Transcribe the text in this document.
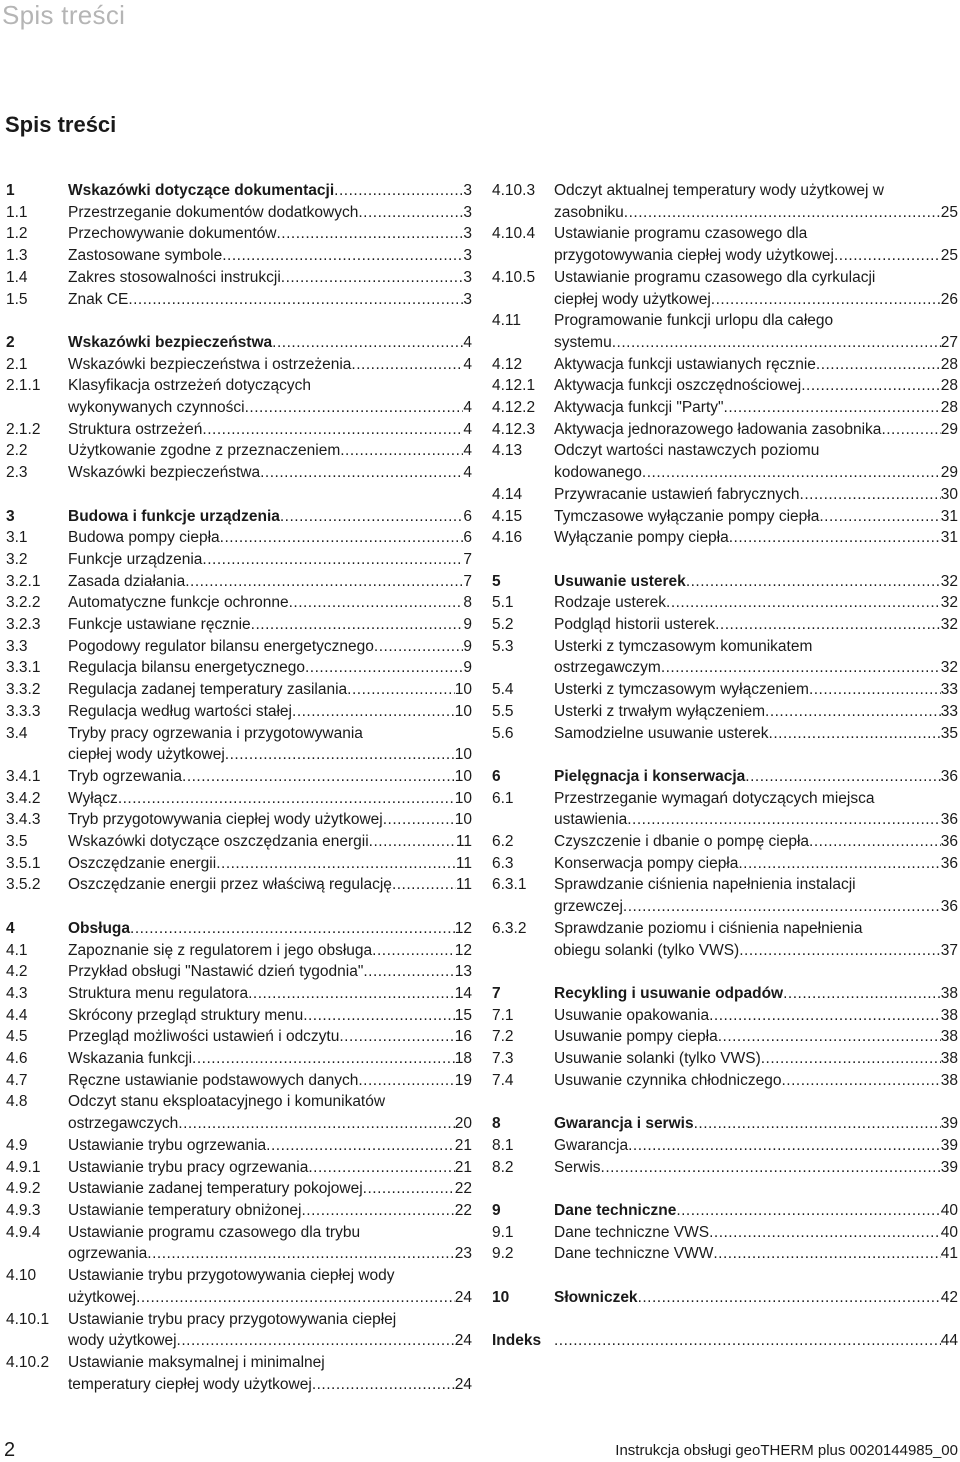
Spis treści
Spis treści
1	Wskazówki dotyczące dokumentacji .....	3
1.1	Przestrzeganie dokumentów dodatkowych .....	3
1.2	Przechowywanie dokumentów .....	3
1.3	Zastosowane symbole .....	3
1.4	Zakres stosowalności instrukcji .....	3
1.5	Znak CE .....	3
2	Wskazówki bezpieczeństwa .....	4
2.1	Wskazówki bezpieczeństwa i ostrzeżenia .....	4
2.1.1	Klasyfikacja ostrzeżeń dotyczących
wykonywanych czynności .....	4
2.1.2	Struktura ostrzeżeń .....	4
2.2	Użytkowanie zgodne z przeznaczeniem .....	4
2.3	Wskazówki bezpieczeństwa .....	4
3	Budowa i funkcje urządzenia .....	6
3.1	Budowa pompy ciepła .....	6
3.2	Funkcje urządzenia .....	7
3.2.1	Zasada działania .....	7
3.2.2	Automatyczne funkcje ochronne .....	8
3.2.3	Funkcje ustawiane ręcznie .....	9
3.3	Pogodowy regulator bilansu energetycznego .....	9
3.3.1	Regulacja bilansu energetycznego .....	9
3.3.2	Regulacja zadanej temperatury zasilania .....	10
3.3.3	Regulacja według wartości stałej .....	10
3.4	Tryby pracy ogrzewania i przygotowywania
ciepłej wody użytkowej .....	10
3.4.1	Tryb ogrzewania .....	10
3.4.2	Wyłącz .....	10
3.4.3	Tryb przygotowywania ciepłej wody użytkowej .....	10
3.5	Wskazówki dotyczące oszczędzania energii .....	11
3.5.1	Oszczędzanie energii .....	11
3.5.2	Oszczędzanie energii przez właściwą regulację .....	11
4	Obsługa .....	12
4.1	Zapoznanie się z regulatorem i jego obsługa .....	12
4.2	Przykład obsługi "Nastawić dzień tygodnia" .....	13
4.3	Struktura menu regulatora .....	14
4.4	Skrócony przegląd struktury menu .....	15
4.5	Przegląd możliwości ustawień i odczytu .....	16
4.6	Wskazania funkcji .....	18
4.7	Ręczne ustawianie podstawowych danych .....	19
4.8	Odczyt stanu eksploatacyjnego i komunikatów
ostrzegawczych .....	20
4.9	Ustawianie trybu ogrzewania .....	21
4.9.1	Ustawianie trybu pracy ogrzewania .....	21
4.9.2	Ustawianie zadanej temperatury pokojowej .....	22
4.9.3	Ustawianie temperatury obniżonej .....	22
4.9.4	Ustawianie programu czasowego dla trybu
ogrzewania .....	23
4.10	Ustawianie trybu przygotowywania ciepłej wody
użytkowej .....	24
4.10.1	Ustawianie trybu pracy przygotowywania ciepłej
wody użytkowej .....	24
4.10.2	Ustawianie maksymalnej i minimalnej
temperatury ciepłej wody użytkowej .....	24
4.10.3	Odczyt aktualnej temperatury wody użytkowej w
zasobniku .....	25
4.10.4	Ustawianie programu czasowego dla
przygotowywania ciepłej wody użytkowej .....	25
4.10.5	Ustawianie programu czasowego dla cyrkulacji
ciepłej wody użytkowej .....	26
4.11	Programowanie funkcji urlopu dla całego
systemu .....	27
4.12	Aktywacja funkcji ustawianych ręcznie .....	28
4.12.1	Aktywacja funkcji oszczędnościowej .....	28
4.12.2	Aktywacja funkcji "Party" .....	28
4.12.3	Aktywacja jednorazowego ładowania zasobnika .....	29
4.13	Odczyt wartości nastawczych poziomu
kodowanego .....	29
4.14	Przywracanie ustawień fabrycznych .....	30
4.15	Tymczasowe wyłączanie pompy ciepła .....	31
4.16	Wyłączanie pompy ciepła .....	31
5	Usuwanie usterek .....	32
5.1	Rodzaje usterek .....	32
5.2	Podgląd historii usterek .....	32
5.3	Usterki z tymczasowym komunikatem
ostrzegawczym .....	32
5.4	Usterki z tymczasowym wyłączeniem .....	33
5.5	Usterki z trwałym wyłączeniem .....	33
5.6	Samodzielne usuwanie usterek .....	35
6	Pielęgnacja i konserwacja .....	36
6.1	Przestrzeganie wymagań dotyczących miejsca
ustawienia .....	36
6.2	Czyszczenie i dbanie o pompę ciepła .....	36
6.3	Konserwacja pompy ciepła .....	36
6.3.1	Sprawdzanie ciśnienia napełnienia instalacji
grzewczej .....	36
6.3.2	Sprawdzanie poziomu i ciśnienia napełnienia
obiegu solanki (tylko VWS) .....	37
7	Recykling i usuwanie odpadów .....	38
7.1	Usuwanie opakowania .....	38
7.2	Usuwanie pompy ciepła .....	38
7.3	Usuwanie solanki (tylko VWS) .....	38
7.4	Usuwanie czynnika chłodniczego .....	38
8	Gwarancja i serwis .....	39
8.1	Gwarancja .....	39
8.2	Serwis .....	39
9	Dane techniczne .....	40
9.1	Dane techniczne VWS .....	40
9.2	Dane techniczne VWW .....	41
10	Słowniczek .....	42
Indeks .....	44
2	Instrukcja obsługi geoTHERM plus 0020144985_00
